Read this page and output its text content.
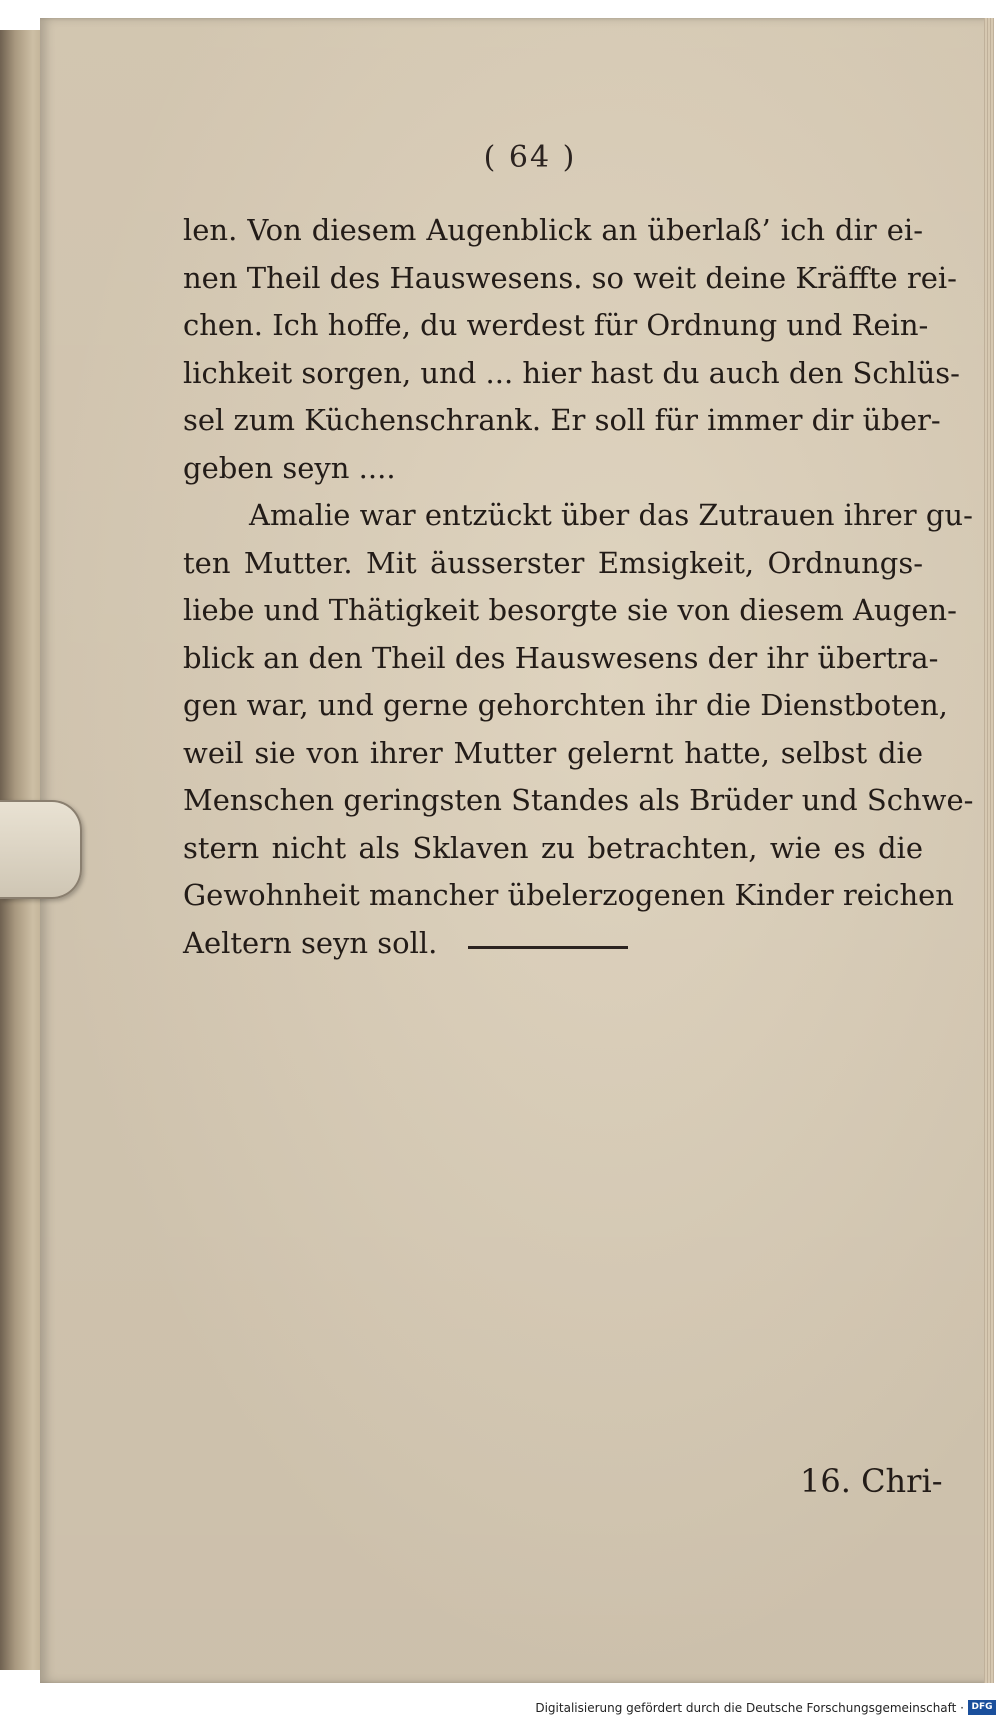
( 64 )
len. Von diesem Augenblick an überlaß’ ich dir ei-
nen Theil des Hauswesens. so weit deine Kräffte rei-
chen. Ich hoffe, du werdest für Ordnung und Rein-
lichkeit sorgen, und ... hier hast du auch den Schlüs-
sel zum Küchenschrank. Er soll für immer dir über-
geben seyn ....
Amalie war entzückt über das Zutrauen ihrer gu-
ten Mutter. Mit äusserster Emsigkeit, Ordnungs-
liebe und Thätigkeit besorgte sie von diesem Augen-
blick an den Theil des Hauswesens der ihr übertra-
gen war, und gerne gehorchten ihr die Dienstboten,
weil sie von ihrer Mutter gelernt hatte, selbst die
Menschen geringsten Standes als Brüder und Schwe-
stern nicht als Sklaven zu betrachten, wie es die
Gewohnheit mancher übelerzogenen Kinder reichen
Aeltern seyn soll.
16. Chri-
Digitalisierung gefördert durch die Deutsche Forschungsgemeinschaft · DFG
